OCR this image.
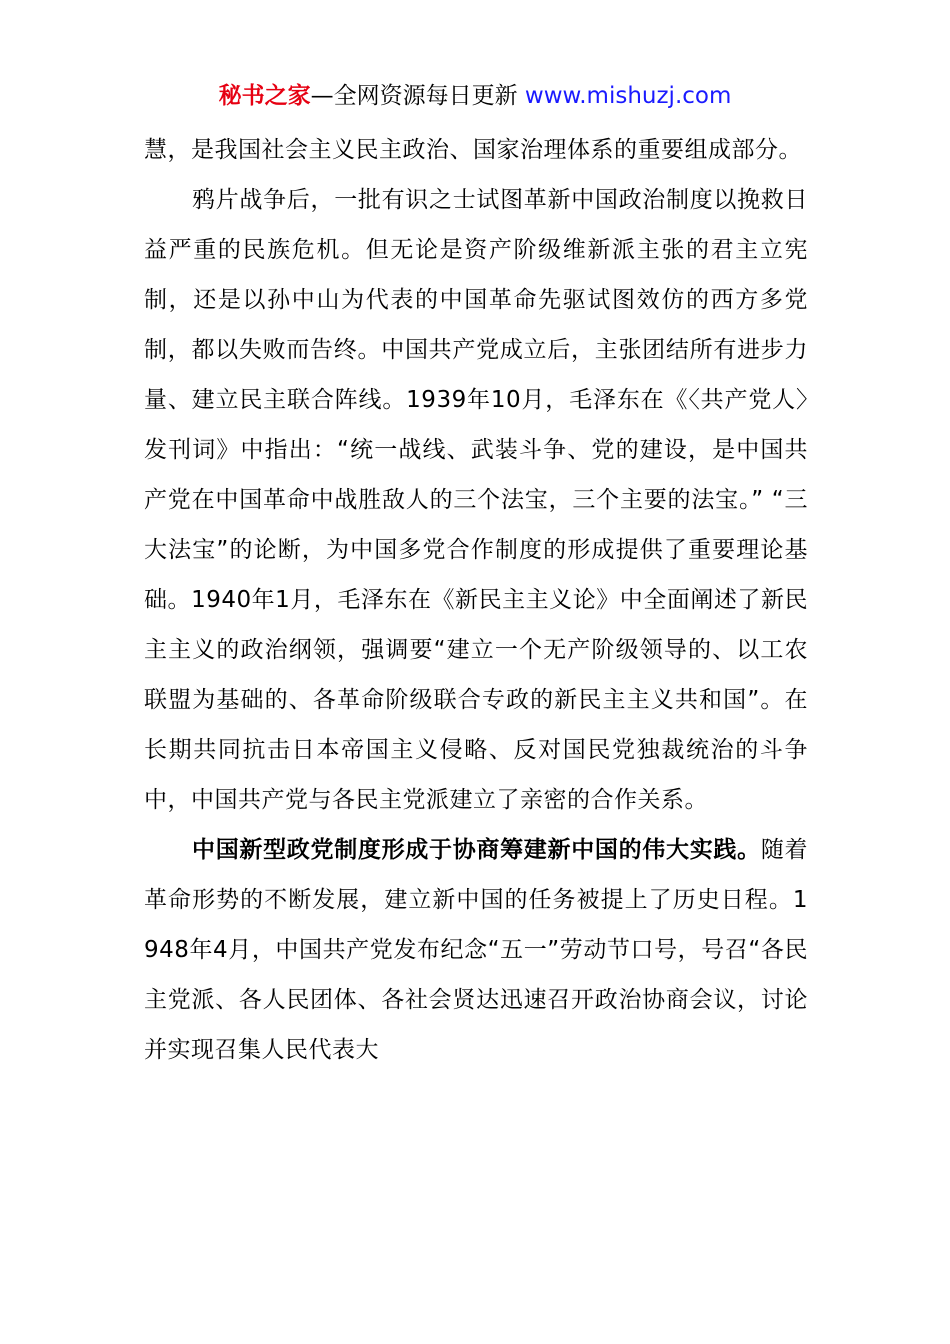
秘书之家—全网资源每日更新 www.mishuzj.com

慧，是我国社会主义民主政治、国家治理体系的重要组成部分。

鸦片战争后，一批有识之士试图革新中国政治制度以挽救日益严重的民族危机。但无论是资产阶级维新派主张的君主立宪制，还是以孙中山为代表的中国革命先驱试图效仿的西方多党制，都以失败而告终。中国共产党成立后，主张团结所有进步力量、建立民主联合阵线。1939年10月，毛泽东在《〈共产党人〉发刊词》中指出：“统一战线、武装斗争、党的建设，是中国共产党在中国革命中战胜敌人的三个法宝，三个主要的法宝。” “三大法宝”的论断，为中国多党合作制度的形成提供了重要理论基础。1940年1月，毛泽东在《新民主主义论》中全面阐述了新民主主义的政治纲领，强调要“建立一个无产阶级领导的、以工农联盟为基础的、各革命阶级联合专政的新民主主义共和国”。在长期共同抗击日本帝国主义侵略、反对国民党独裁统治的斗争中，中国共产党与各民主党派建立了亲密的合作关系。

中国新型政党制度形成于协商筹建新中国的伟大实践。随着革命形势的不断发展，建立新中国的任务被提上了历史日程。1948年4月，中国共产党发布纪念“五一”劳动节口号，号召“各民主党派、各人民团体、各社会贤达迅速召开政治协商会议，讨论并实现召集人民代表大
